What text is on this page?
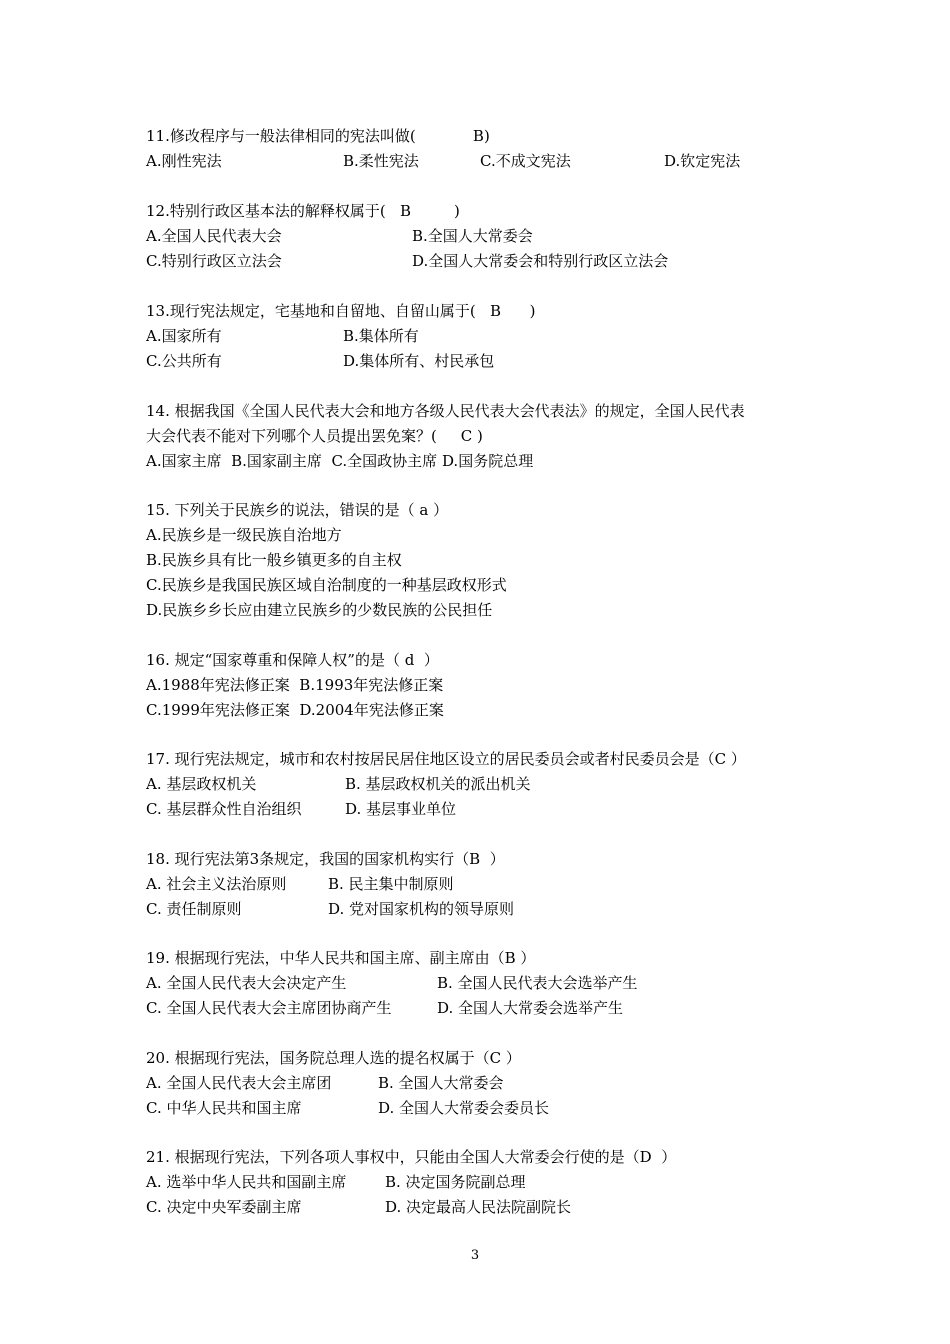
11.修改程序与一般法律相同的宪法叫做(            B)
A.刚性宪法	B.柔性宪法	C.不成文宪法	D.钦定宪法
12.特别行政区基本法的解释权属于(   B         )
A.全国人民代表大会	B.全国人大常委会
C.特别行政区立法会	D.全国人大常委会和特别行政区立法会
13.现行宪法规定，宅基地和自留地、自留山属于(   B      )
A.国家所有	B.集体所有
C.公共所有	D.集体所有、村民承包
14. 根据我国《全国人民代表大会和地方各级人民代表大会代表法》的规定，全国人民代表
大会代表不能对下列哪个人员提出罢免案？(     C )
A.国家主席  B.国家副主席  C.全国政协主席 D.国务院总理
15. 下列关于民族乡的说法，错误的是（ a ）
A.民族乡是一级民族自治地方
B.民族乡具有比一般乡镇更多的自主权
C.民族乡是我国民族区域自治制度的一种基层政权形式
D.民族乡乡长应由建立民族乡的少数民族的公民担任
16. 规定“国家尊重和保障人权”的是（ d  ）
A.1988年宪法修正案  B.1993年宪法修正案
C.1999年宪法修正案  D.2004年宪法修正案
17. 现行宪法规定，城市和农村按居民居住地区设立的居民委员会或者村民委员会是（C ）
A. 基层政权机关	B. 基层政权机关的派出机关
C. 基层群众性自治组织	D. 基层事业单位
18. 现行宪法第3条规定，我国的国家机构实行（B  ）
A. 社会主义法治原则	B. 民主集中制原则
C. 责任制原则	D. 党对国家机构的领导原则
19. 根据现行宪法，中华人民共和国主席、副主席由（B ）
A. 全国人民代表大会决定产生	B. 全国人民代表大会选举产生
C. 全国人民代表大会主席团协商产生	D. 全国人大常委会选举产生
20. 根据现行宪法，国务院总理人选的提名权属于（C ）
A. 全国人民代表大会主席团	B. 全国人大常委会
C. 中华人民共和国主席	D. 全国人大常委会委员长
21. 根据现行宪法，下列各项人事权中，只能由全国人大常委会行使的是（D  ）
A. 选举中华人民共和国副主席	B. 决定国务院副总理
C. 决定中央军委副主席	D. 决定最高人民法院副院长
3
